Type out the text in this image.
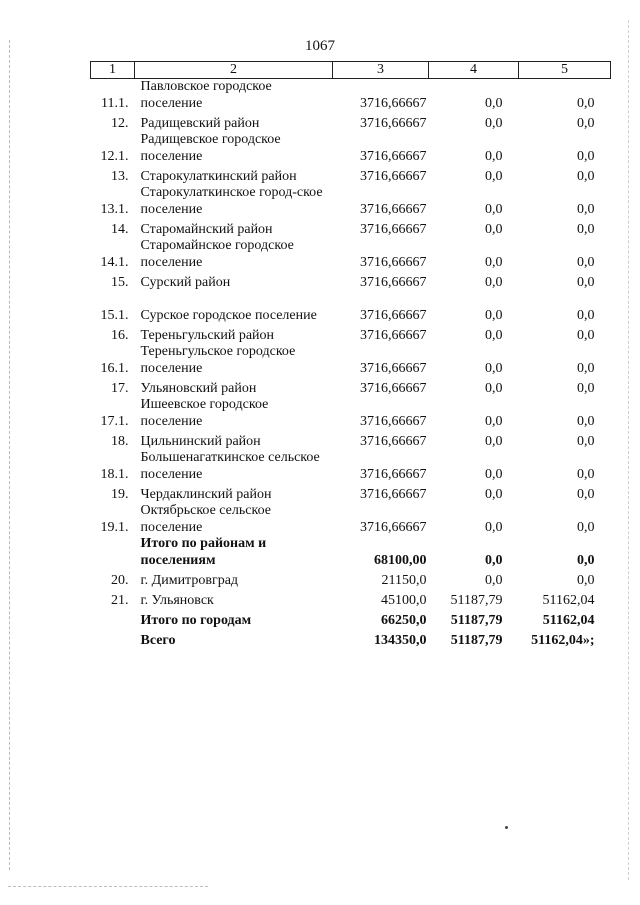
1067
1	2	3	4	5
11.1.	Павловское городское поселение	3716,66667	0,0	0,0
12.	Радищевский район	3716,66667	0,0	0,0
12.1.	Радищевское городское поселение	3716,66667	0,0	0,0
13.	Старокулаткинский район	3716,66667	0,0	0,0
13.1.	Старокулаткинское город-ское поселение	3716,66667	0,0	0,0
14.	Старомайнский район	3716,66667	0,0	0,0
14.1.	Старомайнское городское поселение	3716,66667	0,0	0,0
15.	Сурский район	3716,66667	0,0	0,0
15.1.	Сурское городское поселение	3716,66667	0,0	0,0
16.	Тереньгульский район	3716,66667	0,0	0,0
16.1.	Тереньгульское городское поселение	3716,66667	0,0	0,0
17.	Ульяновский район	3716,66667	0,0	0,0
17.1.	Ишеевское городское поселение	3716,66667	0,0	0,0
18.	Цильнинский район	3716,66667	0,0	0,0
18.1.	Большенагаткинское сельское поселение	3716,66667	0,0	0,0
19.	Чердаклинский район	3716,66667	0,0	0,0
19.1.	Октябрьское сельское поселение	3716,66667	0,0	0,0
	Итого по районам и поселениям	68100,00	0,0	0,0
20.	г. Димитровград	21150,0	0,0	0,0
21.	г. Ульяновск	45100,0	51187,79	51162,04
	Итого по городам	66250,0	51187,79	51162,04
	Всего	134350,0	51187,79	51162,04»;
